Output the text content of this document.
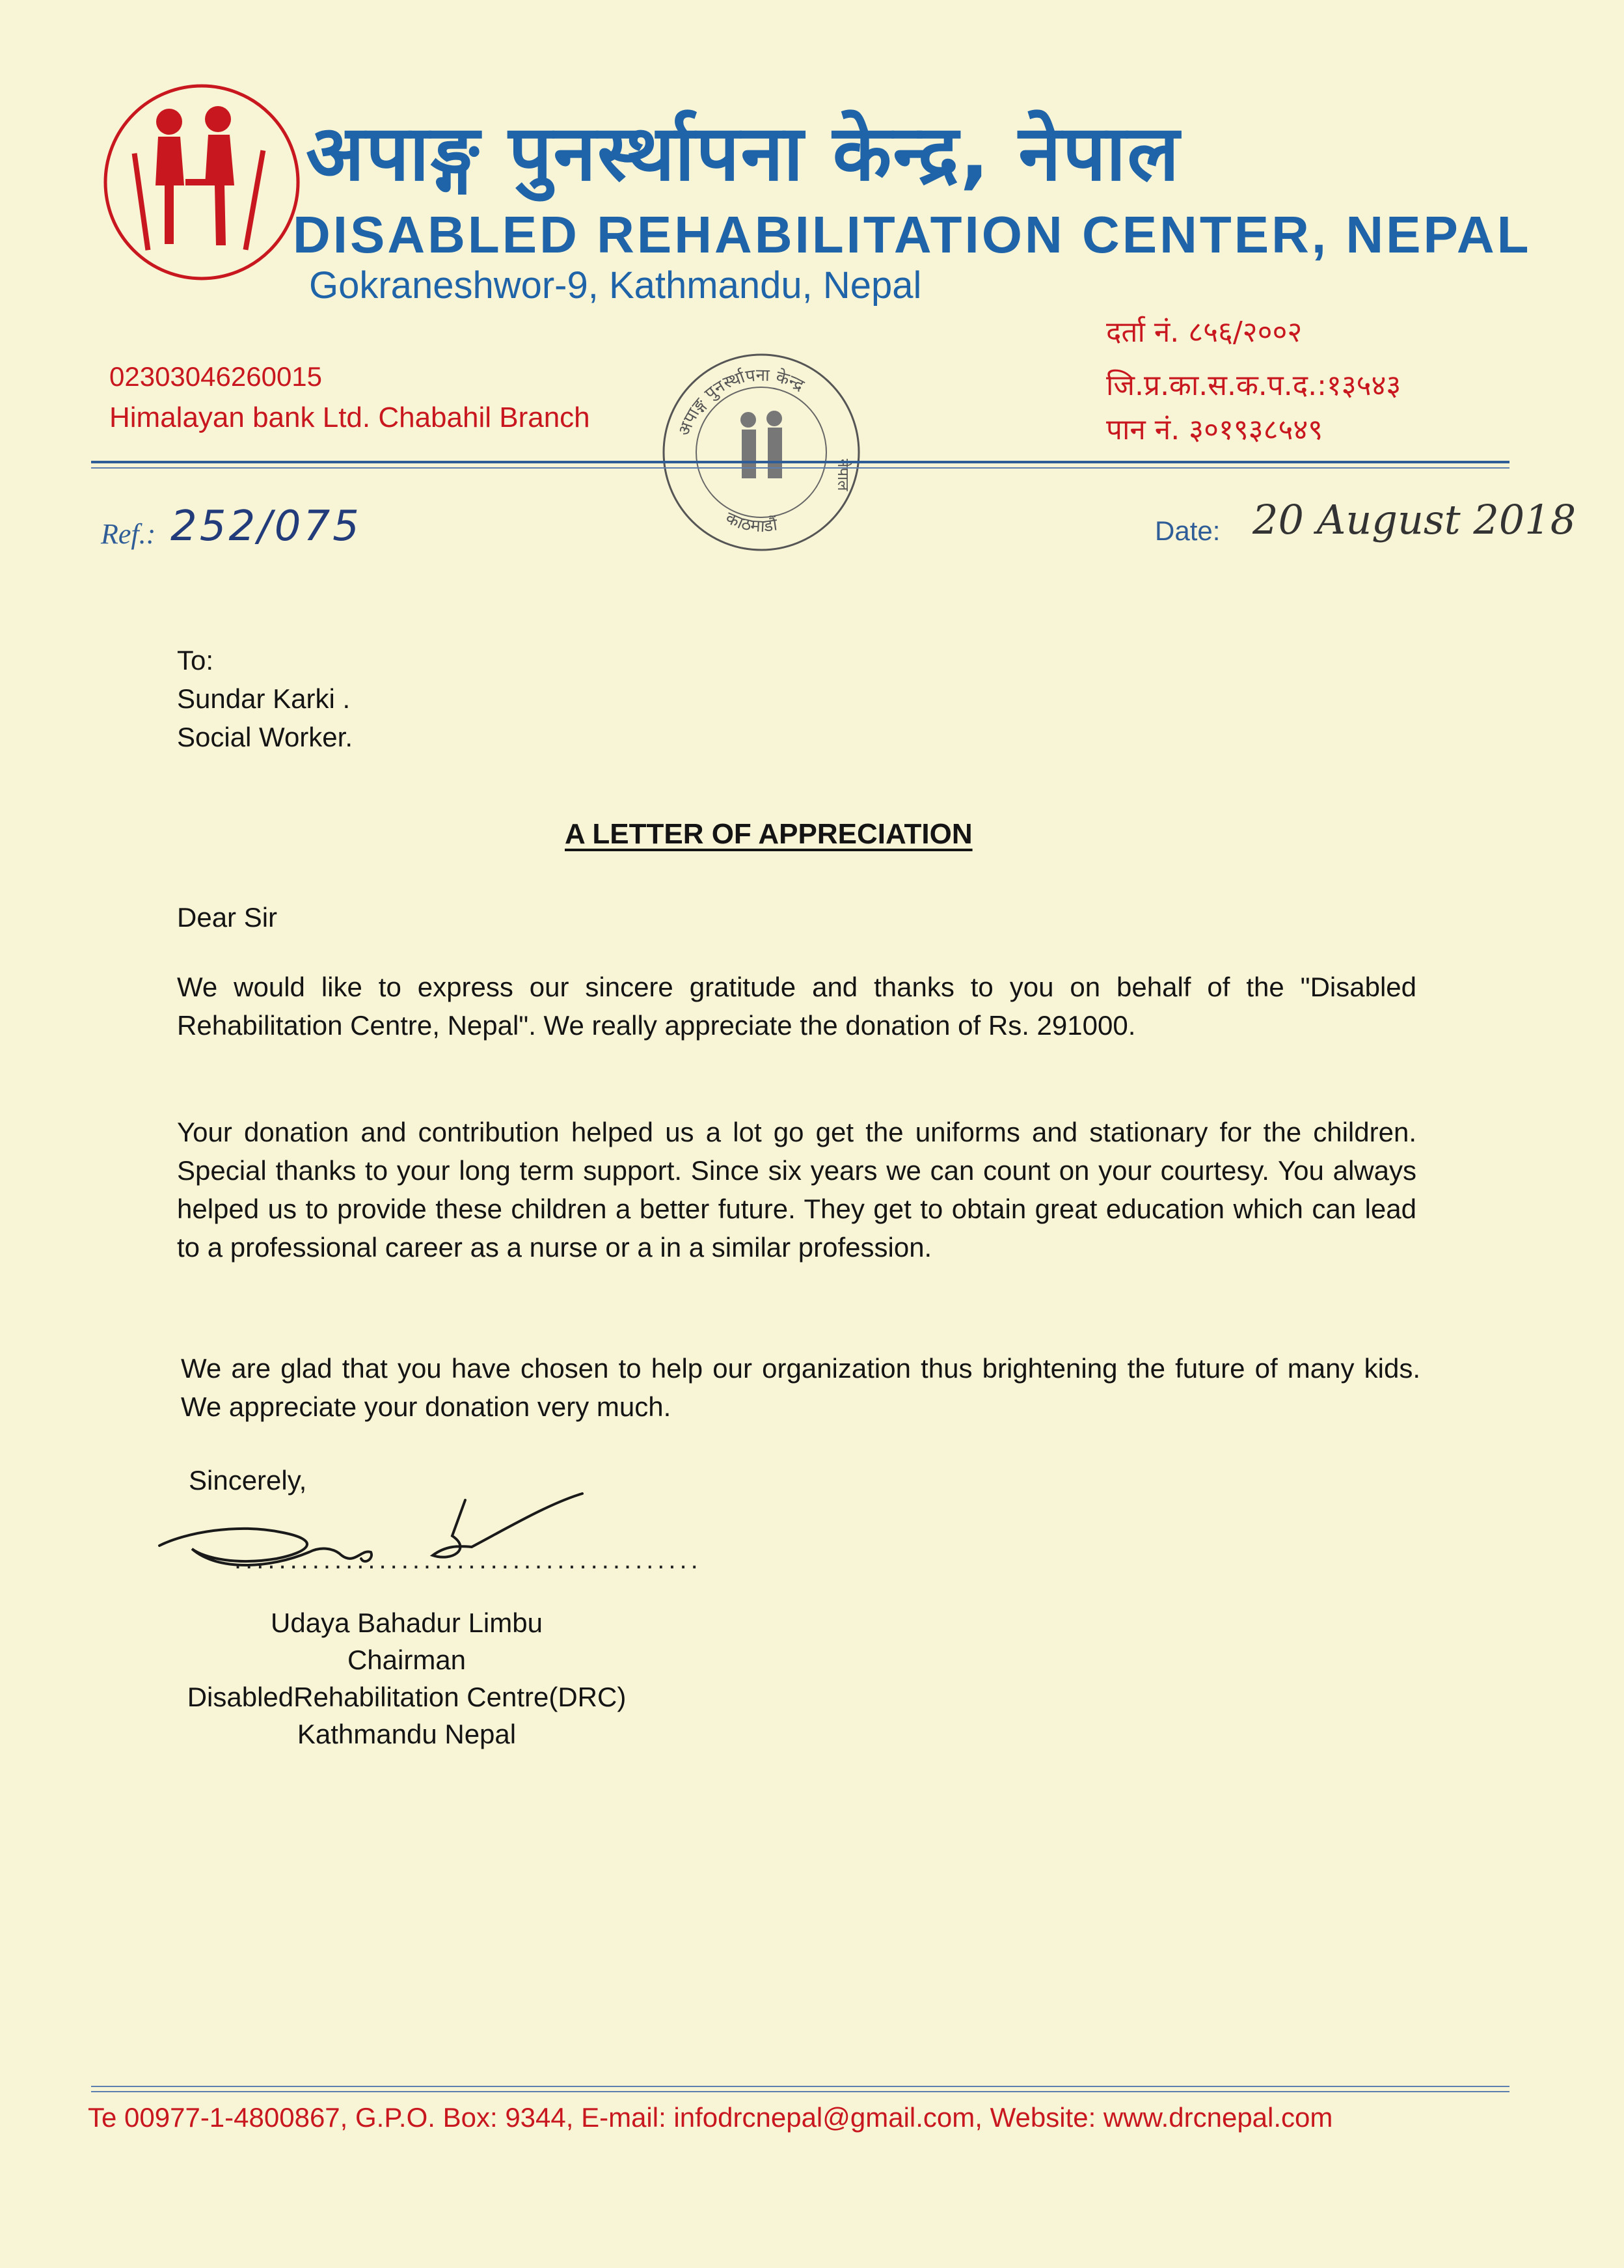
अपाङ्ग पुनर्स्थापना केन्द्र, नेपाल
DISABLED REHABILITATION CENTER, NEPAL
Gokraneshwor-9, Kathmandu, Nepal
दर्ता नं. ८५६/२००२
जि.प्र.का.स.क.प.द.:१३५४३
पान नं. ३०१९३८५४९
02303046260015
Himalayan bank Ltd. Chabahil Branch	अपाङ्ग पुनर्स्थापना केन्द्र
काठमाडौं
नेपाल
Ref.: 252/075	Date: 20 August 2018
To:
Sundar Karki .
Social Worker.
A LETTER OF APPRECIATION
Dear Sir
We would like to express our sincere gratitude and thanks to you on behalf of the "Disabled Rehabilitation Centre, Nepal". We really appreciate the donation of Rs. 291000.
Your donation and contribution helped us a lot go get the uniforms and stationary for the children. Special thanks to your long term support. Since six years we can count on your courtesy. You always helped us to provide these children a better future. They get to obtain great education which can lead to a professional career as a nurse or a in a similar profession.
We are glad that you have chosen to help our organization thus brightening the future of many kids. We appreciate your donation very much.
Sincerely,
..........................................
Udaya Bahadur Limbu
Chairman
DisabledRehabilitation Centre(DRC)
Kathmandu Nepal
Te 00977-1-4800867, G.P.O. Box: 9344, E-mail: infodrcnepal@gmail.com, Website: www.drcnepal.com
